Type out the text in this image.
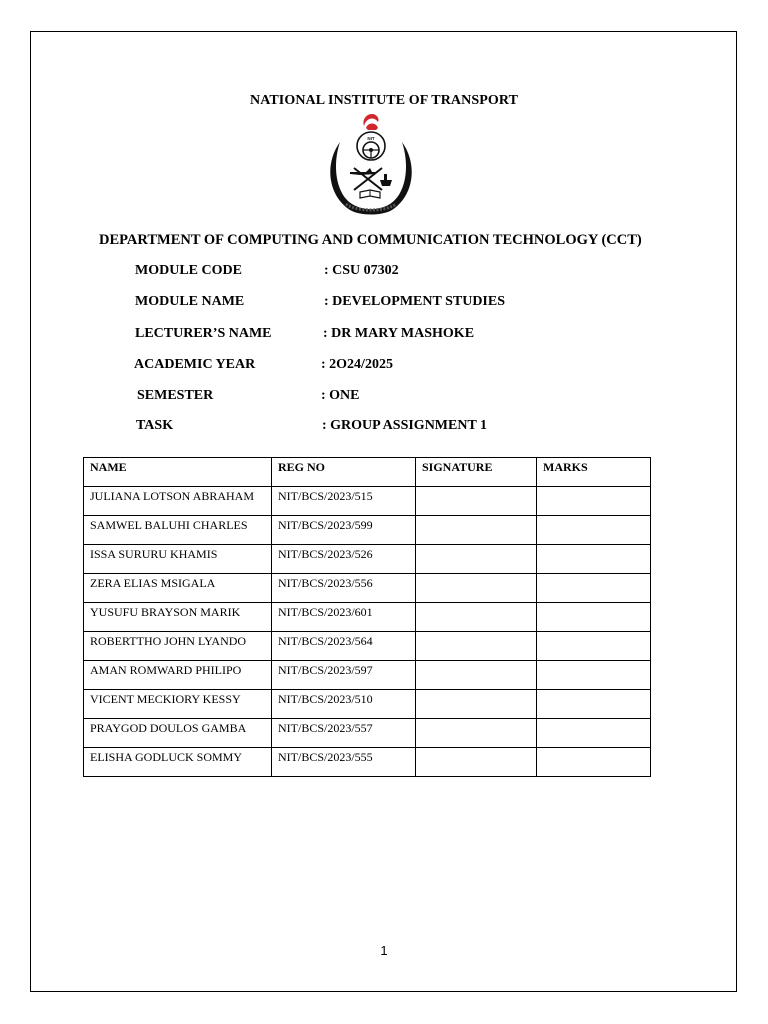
NATIONAL INSTITUTE OF TRANSPORT
NIT
DEPARTMENT OF COMPUTING AND COMMUNICATION TECHNOLOGY (CCT)
MODULE CODE	: CSU 07302
MODULE NAME	: DEVELOPMENT STUDIES
LECTURER’S NAME	: DR MARY MASHOKE
ACADEMIC YEAR	: 2O24/2025
SEMESTER	: ONE
TASK	: GROUP ASSIGNMENT 1
NAME	REG NO	SIGNATURE	MARKS
JULIANA LOTSON ABRAHAM	NIT/BCS/2023/515		
SAMWEL BALUHI CHARLES	NIT/BCS/2023/599		
ISSA SURURU KHAMIS	NIT/BCS/2023/526		
ZERA ELIAS MSIGALA	NIT/BCS/2023/556		
YUSUFU BRAYSON MARIK	NIT/BCS/2023/601		
ROBERTTHO JOHN LYANDO	NIT/BCS/2023/564		
AMAN ROMWARD PHILIPO	NIT/BCS/2023/597		
VICENT MECKIORY KESSY	NIT/BCS/2023/510		
PRAYGOD DOULOS GAMBA	NIT/BCS/2023/557		
ELISHA GODLUCK SOMMY	NIT/BCS/2023/555		
1
